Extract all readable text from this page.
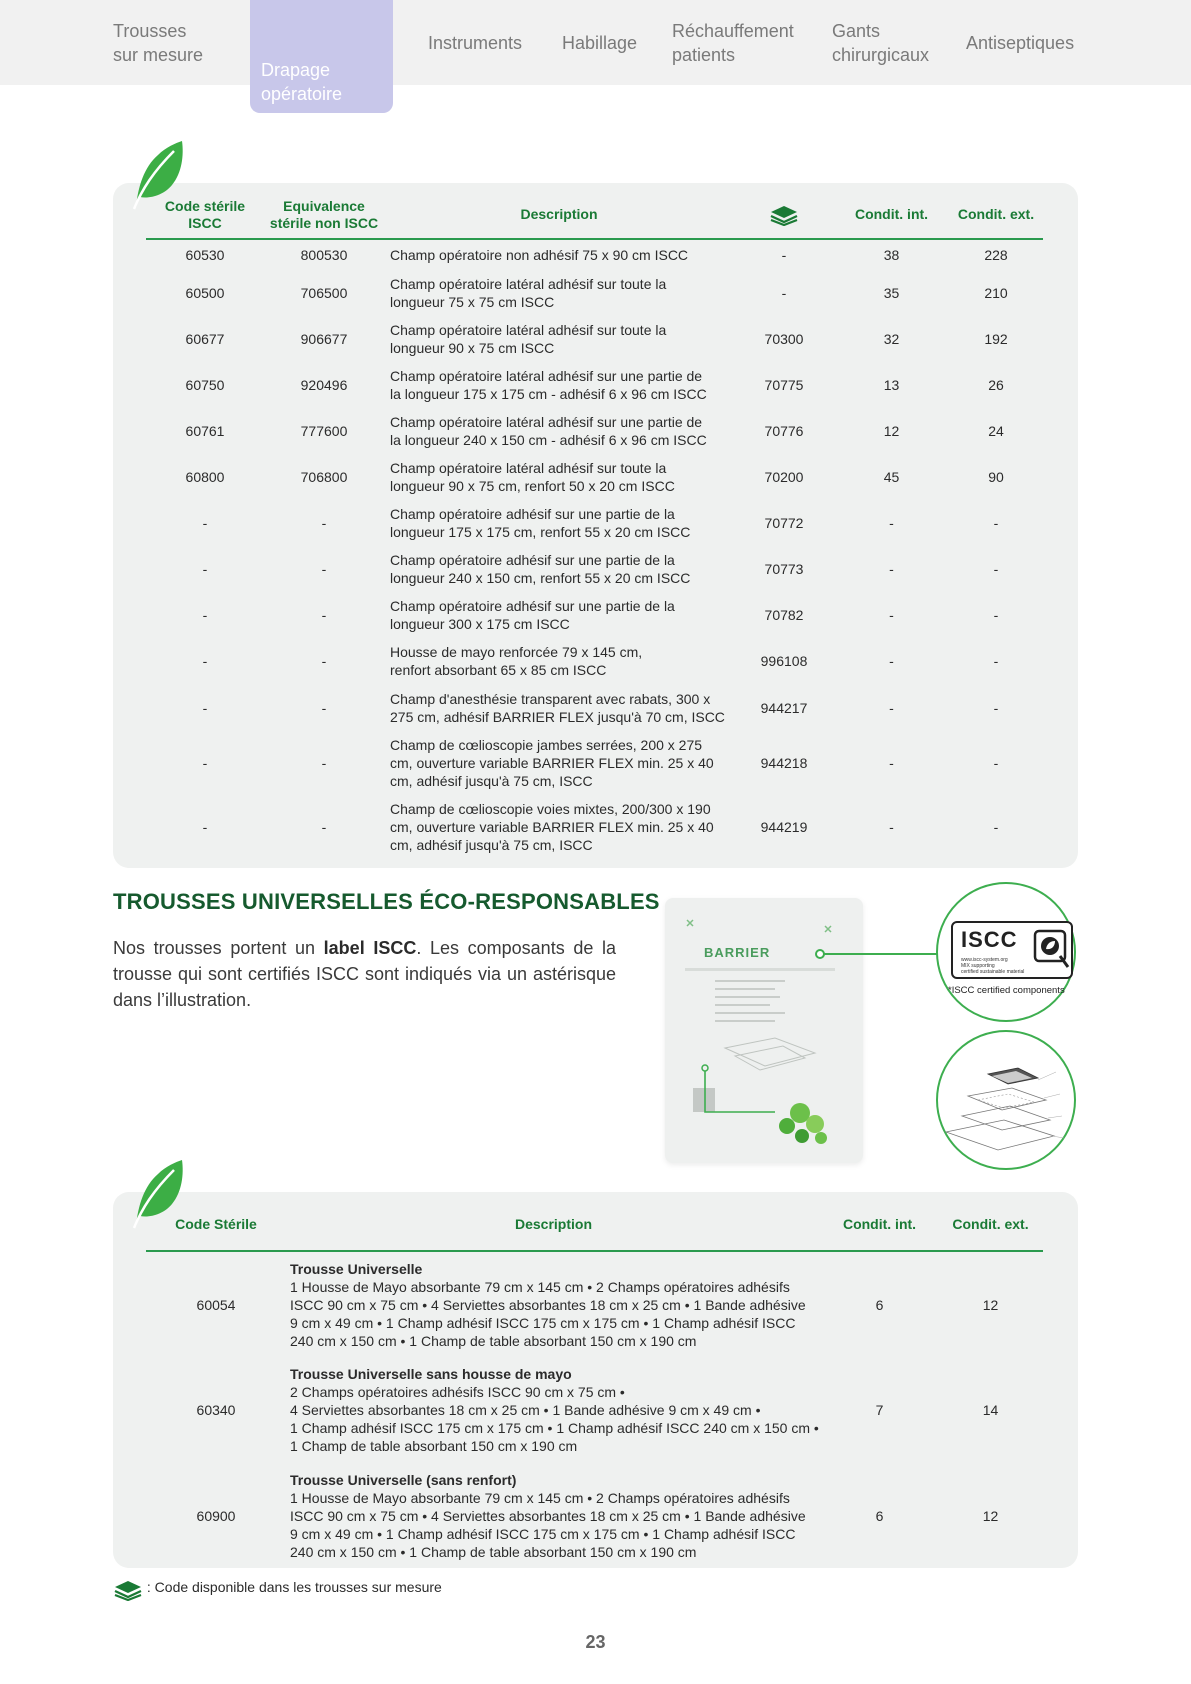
Trousses
sur mesure
Instruments Habillage
Réchauffement
patients
Gants
chirurgicaux
Antiseptiques
Drapage
opératoire
Code stérile
ISCC	Equivalence
stérile non ISCC	Description		Condit. int.	Condit. ext.
60530	800530	Champ opératoire non adhésif 75 x 90 cm ISCC	-	38	228
60500	706500	Champ opératoire latéral adhésif sur toute la
longueur 75 x 75 cm ISCC	-	35	210
60677	906677	Champ opératoire latéral adhésif sur toute la
longueur 90 x 75 cm ISCC	70300	32	192
60750	920496	Champ opératoire latéral adhésif sur une partie de
la longueur 175 x 175 cm - adhésif 6 x 96 cm ISCC	70775	13	26
60761	777600	Champ opératoire latéral adhésif sur une partie de
la longueur 240 x 150 cm - adhésif 6 x 96 cm ISCC	70776	12	24
60800	706800	Champ opératoire latéral adhésif sur toute la
longueur 90 x 75 cm, renfort 50 x 20 cm ISCC	70200	45	90
-	-	Champ opératoire adhésif sur une partie de la
longueur 175 x 175 cm, renfort 55 x 20 cm ISCC	70772	-	-
-	-	Champ opératoire adhésif sur une partie de la
longueur 240 x 150 cm, renfort 55 x 20 cm ISCC	70773	-	-
-	-	Champ opératoire adhésif sur une partie de la
longueur 300 x 175 cm ISCC	70782	-	-
-	-	Housse de mayo renforcée 79 x 145 cm,
renfort absorbant 65 x 85 cm ISCC	996108	-	-
-	-	Champ d'anesthésie transparent avec rabats, 300 x
275 cm, adhésif BARRIER FLEX jusqu'à 70 cm, ISCC	944217	-	-
-	-	Champ de cœlioscopie jambes serrées, 200 x 275
cm, ouverture variable BARRIER FLEX min. 25 x 40
cm, adhésif jusqu'à 75 cm, ISCC	944218	-	-
-	-	Champ de cœlioscopie voies mixtes, 200/300 x 190
cm, ouverture variable BARRIER FLEX min. 25 x 40
cm, adhésif jusqu'à 75 cm, ISCC	944219	-	-
TROUSSES UNIVERSELLES ÉCO-RESPONSABLES

Nos trousses portent un label ISCC. Les composants de la trousse qui sont certifiés ISCC sont indiqués via un astérisque dans l’illustration.

BARRIER
ISCC
www.iscc-system.org
MIX supporting
certified sustainable material
*ISCC certified components
Code Stérile	Description	Condit. int.	Condit. ext.
60054	Trousse Universelle
1 Housse de Mayo absorbante 79 cm x 145 cm • 2 Champs opératoires adhésifs
ISCC 90 cm x 75 cm • 4 Serviettes absorbantes 18 cm x 25 cm • 1 Bande adhésive
9 cm x 49 cm • 1 Champ adhésif ISCC 175 cm x 175 cm • 1 Champ adhésif ISCC
240 cm x 150 cm • 1 Champ de table absorbant 150 cm x 190 cm	6	12
60340	Trousse Universelle sans housse de mayo
2 Champs opératoires adhésifs ISCC 90 cm x 75 cm •
4 Serviettes absorbantes 18 cm x 25 cm • 1 Bande adhésive 9 cm x 49 cm •
1 Champ adhésif ISCC 175 cm x 175 cm • 1 Champ adhésif ISCC 240 cm x 150 cm •
1 Champ de table absorbant 150 cm x 190 cm	7	14
60900	Trousse Universelle (sans renfort)
1 Housse de Mayo absorbante 79 cm x 145 cm • 2 Champs opératoires adhésifs
ISCC 90 cm x 75 cm • 4 Serviettes absorbantes 18 cm x 25 cm • 1 Bande adhésive
9 cm x 49 cm • 1 Champ adhésif ISCC 175 cm x 175 cm • 1 Champ adhésif ISCC
240 cm x 150 cm • 1 Champ de table absorbant 150 cm x 190 cm	6	12
: Code disponible dans les trousses sur mesure
23
